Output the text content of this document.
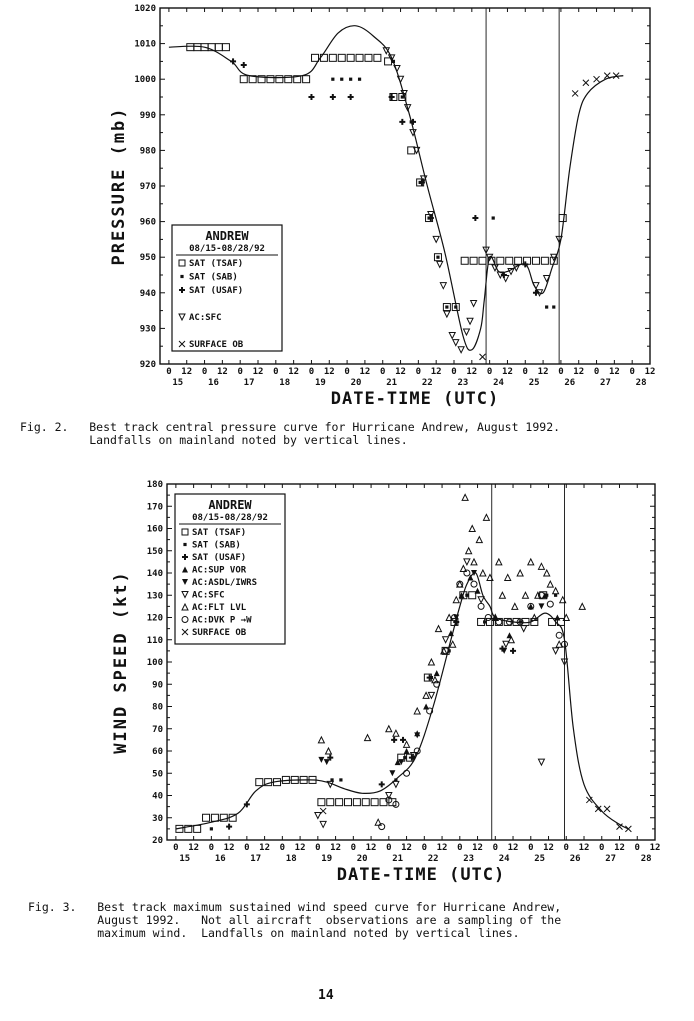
920
930
940
950
960
970
980
990
1000
1010
1020
0 12 0 12 0 12 0 12 0 12 0 12 0 12 0 12 0 12 0 12 0 12 0 12 0 12 0 12
15	16	17	18	19	20	21	22	23	24	25	26	27	28
PRESSURE (mb)
DATE-TIME (UTC)
ANDREW
08/15-08/28/92
SAT (TSAF)
SAT (SAB)
SAT (USAF)
AC:SFC
SURFACE OB
Fig. 2.   Best track central pressure curve for Hurricane Andrew, August 1992.
Landfalls on mainland noted by vertical lines.
20
30
40
50
60
70
80
90
100
110
120
130
140
150
160
170
180
0 12 0 12 0 12 0 12 0 12 0 12 0 12 0 12 0 12 0 12 0 12 0 12 0 12 0 12
15	16	17	18	19	20	21	22	23	24	25	26	27	28
WIND SPEED (kt)
DATE-TIME (UTC)
ANDREW
08/15-08/28/92
SAT (TSAF)
SAT (SAB)
SAT (USAF)
AC:SUP VOR
AC:ASDL/IWRS
AC:SFC
AC:FLT LVL
AC:DVK P →W
SURFACE OB
Fig. 3.   Best track maximum sustained wind speed curve for Hurricane Andrew,
August 1992.   Not all aircraft  observations are a sampling of the
maximum wind.  Landfalls on mainland noted by vertical lines.
14
